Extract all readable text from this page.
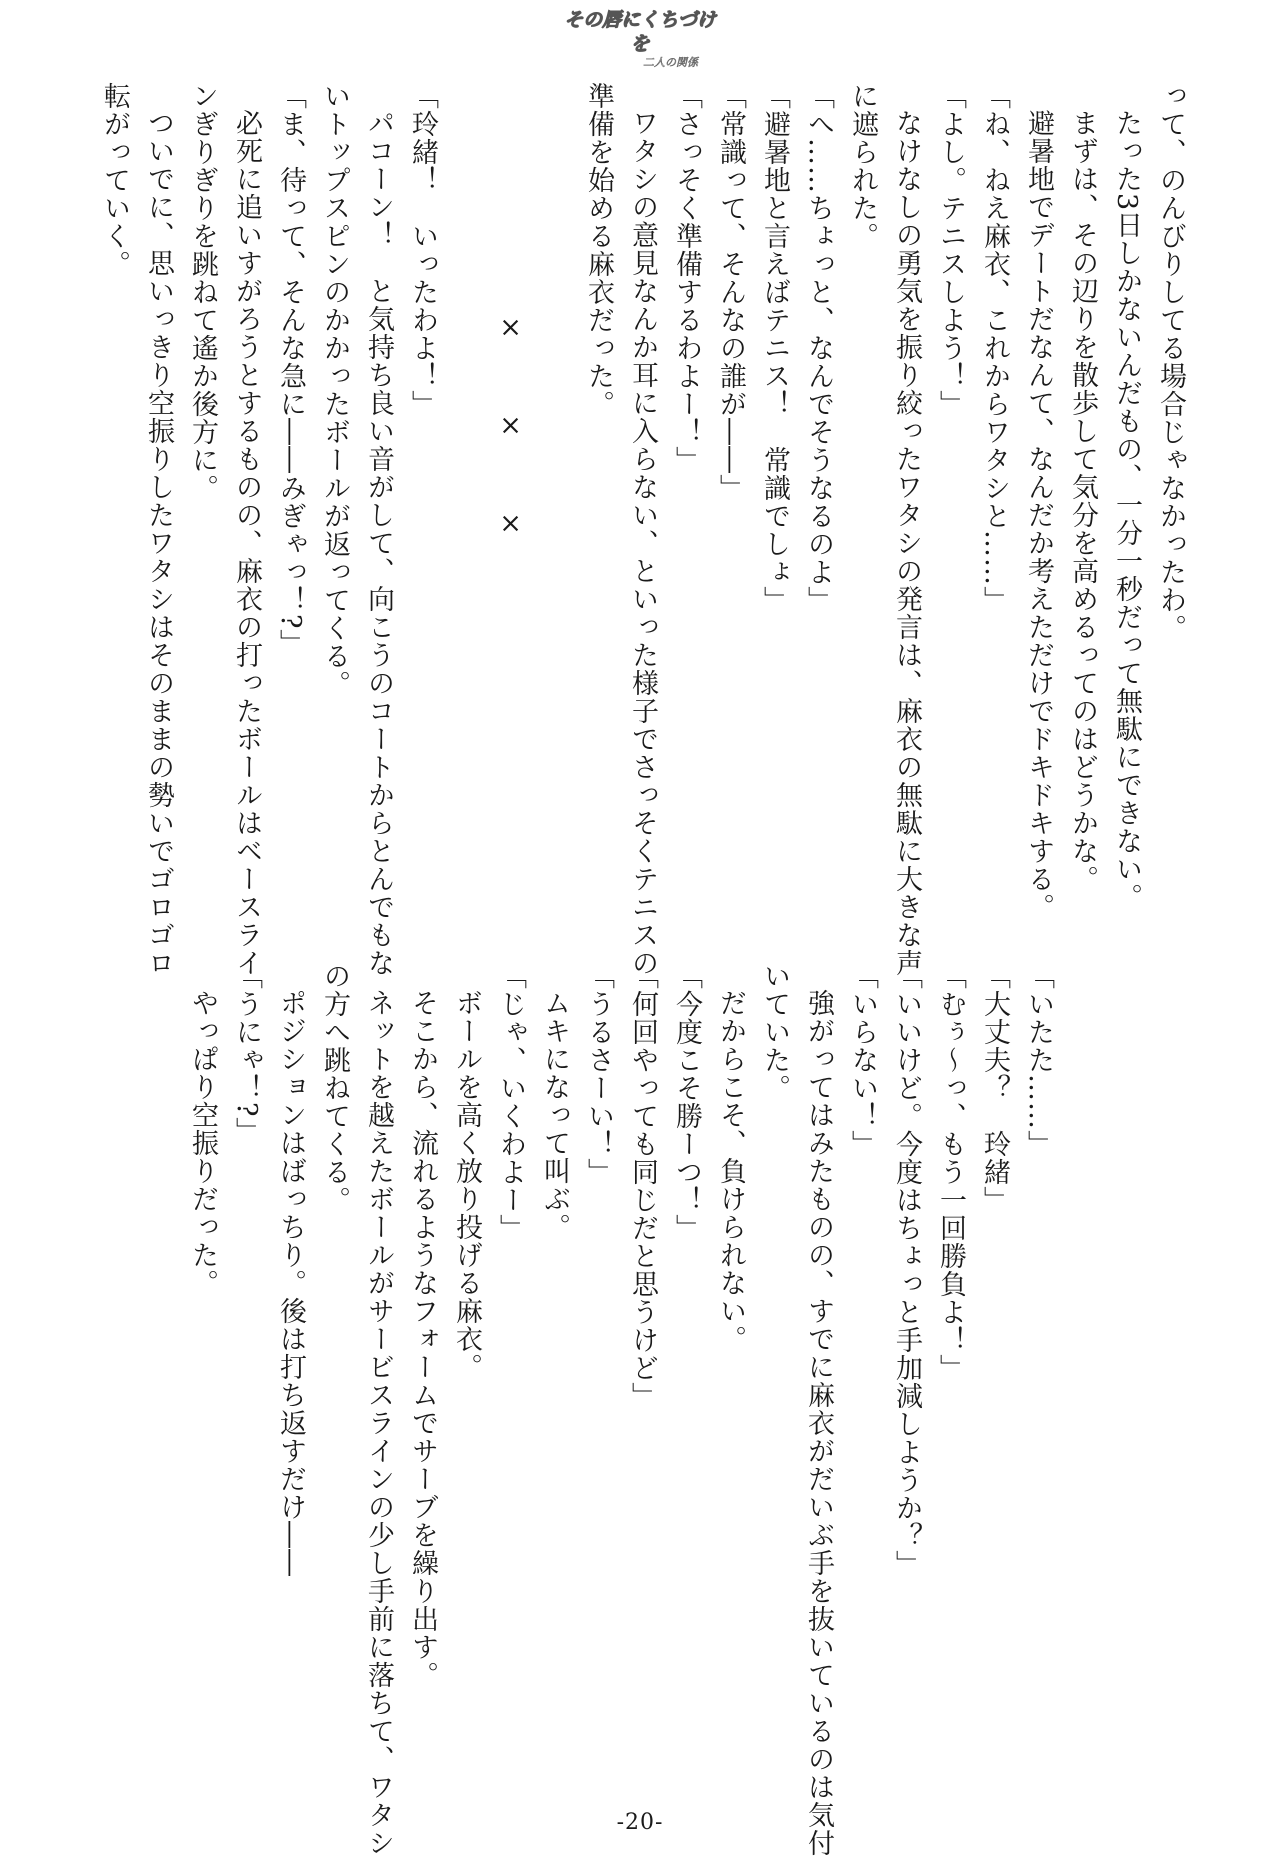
その唇にくちづけを
二人の関係
って、のんびりしてる場合じゃなかったわ。
たった3日しかないんだもの、一分一秒だって無駄にできない。
まずは、その辺りを散歩して気分を高めるってのはどうかな。
避暑地でデートだなんて、なんだか考えただけでドキドキする。
「ね、ねえ麻衣、これからワタシと……」
「よし。テニスしよう！」
なけなしの勇気を振り絞ったワタシの発言は、麻衣の無駄に大きな声
に遮られた。
「へ……ちょっと、なんでそうなるのよ」
「避暑地と言えばテニス！　常識でしょ」
「常識って、そんなの誰が――」
「さっそく準備するわよー！」
ワタシの意見なんか耳に入らない、といった様子でさっそくテニスの
準備を始める麻衣だった。

×　×　×

「玲緒！　いったわよ！」
パコーン！　と気持ち良い音がして、向こうのコートからとんでもな
いトップスピンのかかったボールが返ってくる。
「ま、待って、そんな急に――みぎゃっ！?」
必死に追いすがろうとするものの、麻衣の打ったボールはベースライ
ンぎりぎりを跳ねて遙か後方に。
ついでに、思いっきり空振りしたワタシはそのままの勢いでゴロゴロ
転がっていく。
「いたた……」
「大丈夫？　玲緒」
「むぅ～っ、もう一回勝負よ！」
「いいけど。今度はちょっと手加減しようか？」
「いらない！」
強がってはみたものの、すでに麻衣がだいぶ手を抜いているのは気付
いていた。
だからこそ、負けられない。
「今度こそ勝ーつ！」
「何回やっても同じだと思うけど」
「うるさーい！」
ムキになって叫ぶ。
「じゃ、いくわよー」
ボールを高く放り投げる麻衣。
そこから、流れるようなフォームでサーブを繰り出す。
ネットを越えたボールがサービスラインの少し手前に落ちて、ワタシ
の方へ跳ねてくる。
ポジションはばっちり。後は打ち返すだけ――
「うにゃ！?」
やっぱり空振りだった。
-20-
